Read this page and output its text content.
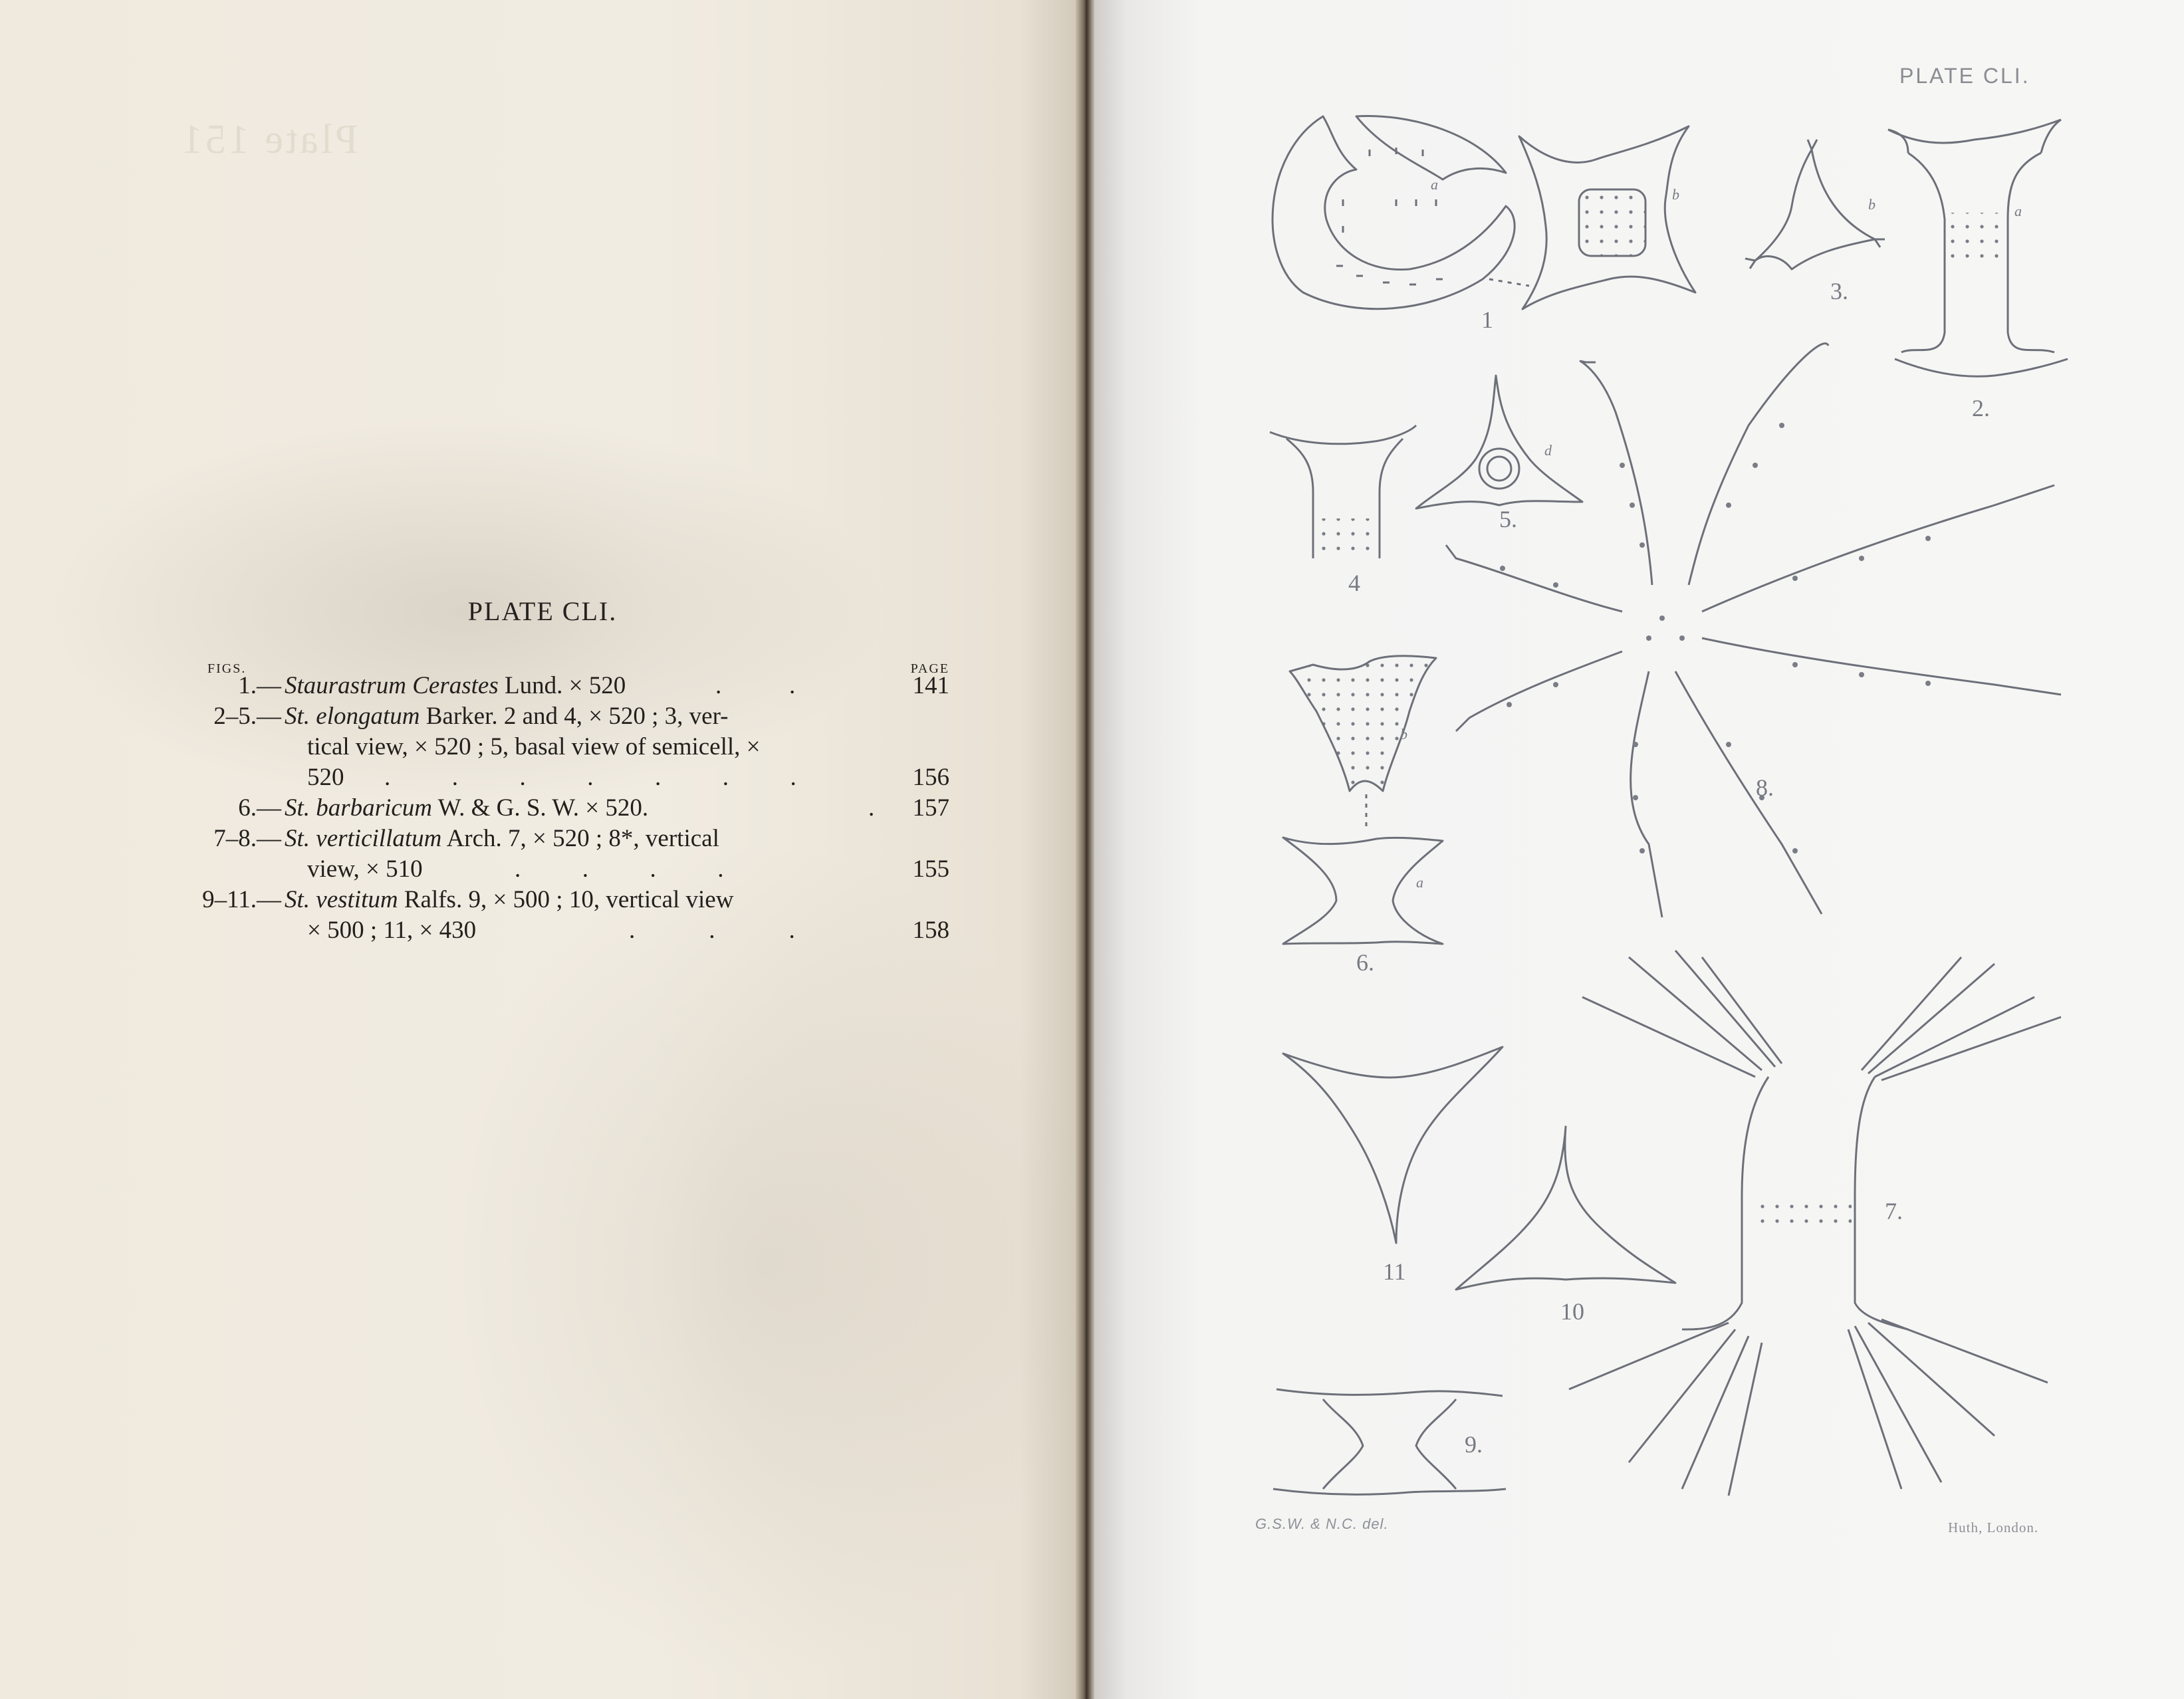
Plate 151
PLATE CLI.
FIGS.	PAGE
1.— Staurastrum Cerastes Lund. × 520	.           .	141
2–5.— St. elongatum Barker. 2 and 4, × 520 ; 3, ver-
tical view, × 520 ; 5, basal view of semicell, ×
520 .          .          .          .          .          .          .	156
6.— St. barbaricum W. & G. S. W. × 520.	. 157
7–8.— St. verticillatum Arch. 7, × 520 ; 8*, vertical
view, × 510	.          .          .          .	155
9–11.— St. vestitum Ralfs. 9, × 500 ; 10, vertical view
× 500 ; 11, × 430	.            .            .	158
PLATE CLI.
G.S.W. & N.C. del.	Huth, London.
1
2.
3.
4
5.
6.
7.
8.
9.
10
11
a
b
b	a
d
b
a
